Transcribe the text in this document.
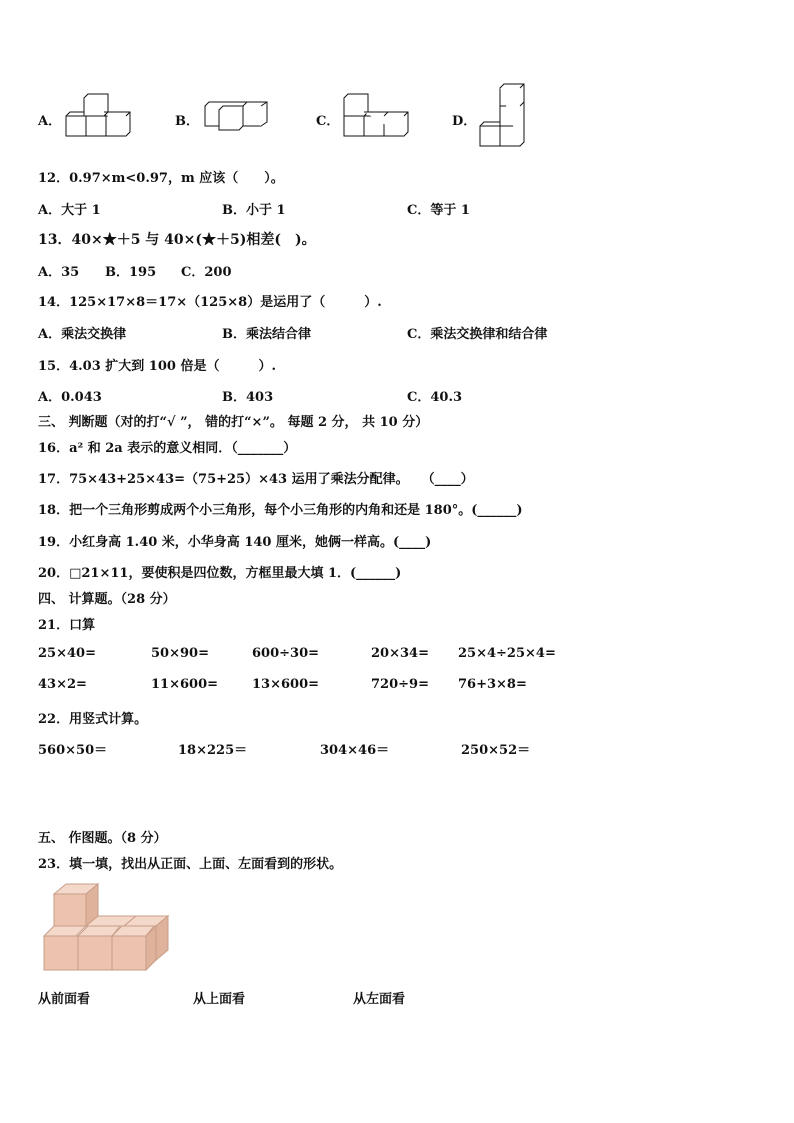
A．	B．	C．	D．
12．0.97×m<0.97，m 应该（　　）。
A．大于 1	B．小于 1	C．等于 1
13．40×★＋5 与 40×(★＋5)相差(　)。
A．35 B．195 C．200
14．125×17×8＝17×（125×8）是运用了（　　　）.
A．乘法交换律	B．乘法结合律	C．乘法交换律和结合律
15．4.03 扩大到 100 倍是（　　　）.
A．0.043	B．403	C．40.3
三、 判断题（对的打“√ ”， 错的打“×”。 每题 2 分， 共 10 分）
16．a² 和 2a 表示的意义相同．（_______）
17．75×43+25×43=（75+25）×43 运用了乘法分配律。　　（____）
18．把一个三角形剪成两个小三角形，每个小三角形的内角和还是 180°。(______)
19．小红身高 1.40 米，小华身高 140 厘米，她俩一样高。(____)
20．□21×11，要使积是四位数，方框里最大填 1．(______)
四、 计算题。（28 分）
21．口算
25×40=	50×90=	600÷30=	20×34= 25×4÷25×4=
43×2=	11×600=	13×600=	720÷9= 76+3×8=
22．用竖式计算。
560×50＝	18×225＝	304×46＝	250×52＝
五、 作图题。（8 分）
23．填一填，找出从正面、上面、左面看到的形状。
从前面看	从上面看	从左面看
